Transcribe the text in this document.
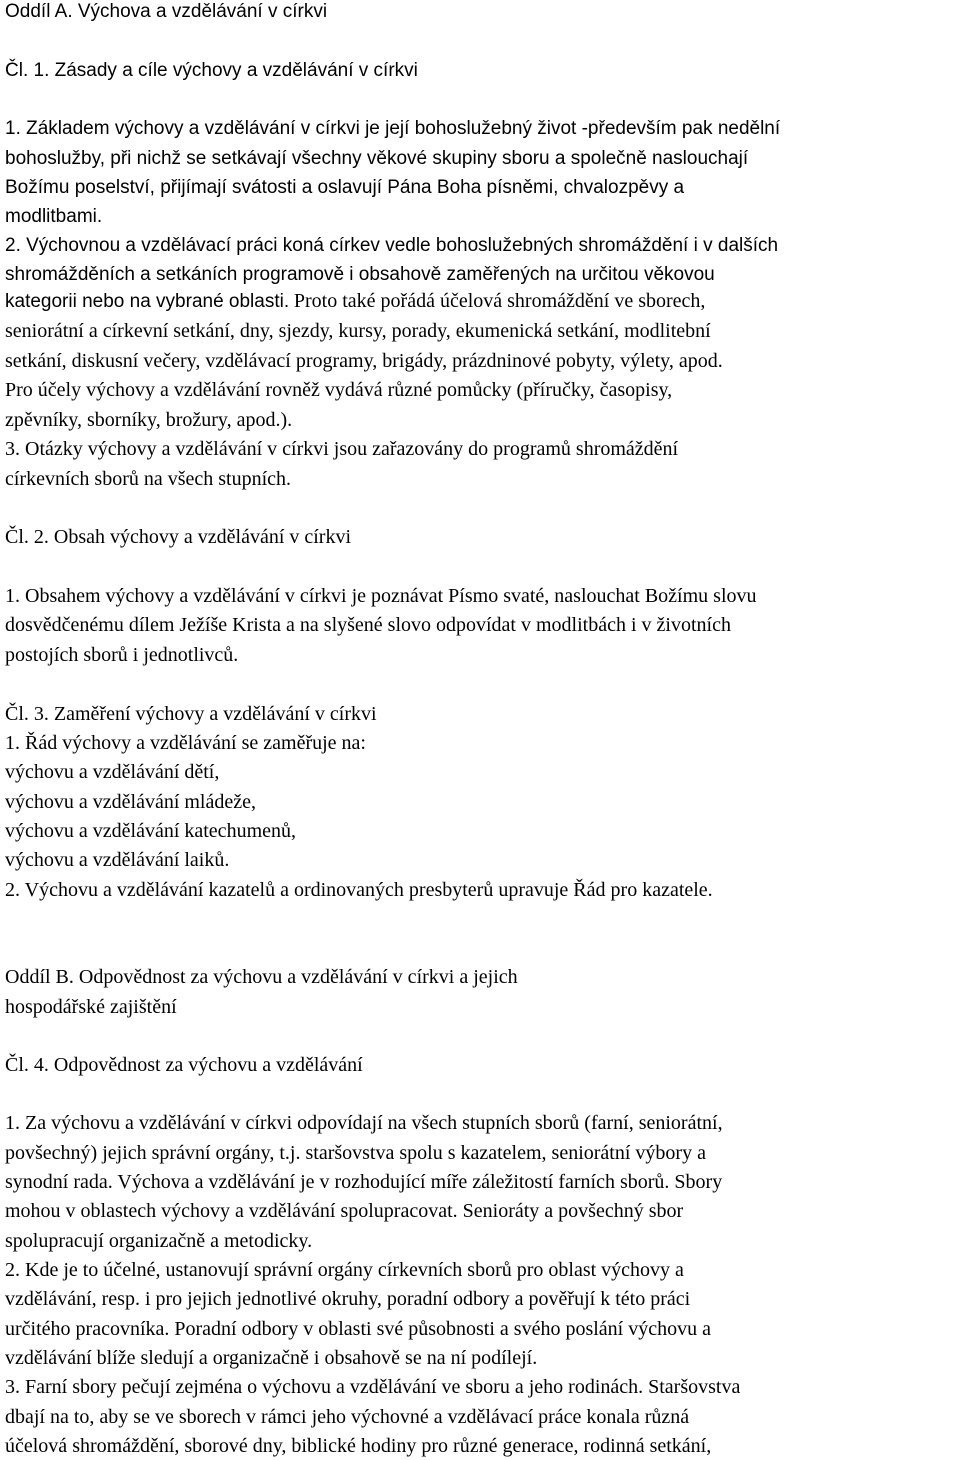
Oddíl A. Výchova a vzdělávání v církvi
Čl. 1. Zásady a cíle výchovy a vzdělávání v církvi

1. Základem výchovy a vzdělávání v církvi je její bohoslužebný život -především pak nedělní

bohoslužby, při nichž se setkávají všechny věkové skupiny sboru a společně naslouchají

Božímu poselství, přijímají svátosti a oslavují Pána Boha písněmi, chvalozpěvy a

modlitbami.

2. Výchovnou a vzdělávací práci koná církev vedle bohoslužebných shromáždění i v dalších

shromážděních a setkáních programově i obsahově zaměřených na určitou věkovou

kategorii nebo na vybrané oblasti. Proto také pořádá účelová shromáždění ve sborech,

seniorátní a církevní setkání, dny, sjezdy, kursy, porady, ekumenická setkání, modlitební

setkání, diskusní večery, vzdělávací programy, brigády, prázdninové pobyty, výlety, apod.

Pro účely výchovy a vzdělávání rovněž vydává různé pomůcky (příručky, časopisy,

zpěvníky, sborníky, brožury, apod.).

3. Otázky výchovy a vzdělávání v církvi jsou zařazovány do programů shromáždění

církevních sborů na všech stupních.

Čl. 2. Obsah výchovy a vzdělávání v církvi

1. Obsahem výchovy a vzdělávání v církvi je poznávat Písmo svaté, naslouchat Božímu slovu

dosvědčenému dílem Ježíše Krista a na slyšené slovo odpovídat v modlitbách i v životních

postojích sborů i jednotlivců.

Čl. 3. Zaměření výchovy a vzdělávání v církvi

1. Řád výchovy a vzdělávání se zaměřuje na:

výchovu a vzdělávání dětí,

výchovu a vzdělávání mládeže,

výchovu a vzdělávání katechumenů,

výchovu a vzdělávání laiků.

2. Výchovu a vzdělávání kazatelů a ordinovaných presbyterů upravuje Řád pro kazatele.

Oddíl B. Odpovědnost za výchovu a vzdělávání v církvi a jejich
hospodářské zajištění
Čl. 4. Odpovědnost za výchovu a vzdělávání

1. Za výchovu a vzdělávání v církvi odpovídají na všech stupních sborů (farní, seniorátní,

povšechný) jejich správní orgány, t.j. staršovstva spolu s kazatelem, seniorátní výbory a

synodní rada. Výchova a vzdělávání je v rozhodující míře záležitostí farních sborů. Sbory

mohou v oblastech výchovy a vzdělávání spolupracovat. Senioráty a povšechný sbor

spolupracují organizačně a metodicky.

2. Kde je to účelné, ustanovují správní orgány církevních sborů pro oblast výchovy a

vzdělávání, resp. i pro jejich jednotlivé okruhy, poradní odbory a pověřují k této práci

určitého pracovníka. Poradní odbory v oblasti své působnosti a svého poslání výchovu a

vzdělávání blíže sledují a organizačně i obsahově se na ní podílejí.

3. Farní sbory pečují zejména o výchovu a vzdělávání ve sboru a jeho rodinách. Staršovstva

dbají na to, aby se ve sborech v rámci jeho výchovné a vzdělávací práce konala různá

účelová shromáždění, sborové dny, biblické hodiny pro různé generace, rodinná setkání,
